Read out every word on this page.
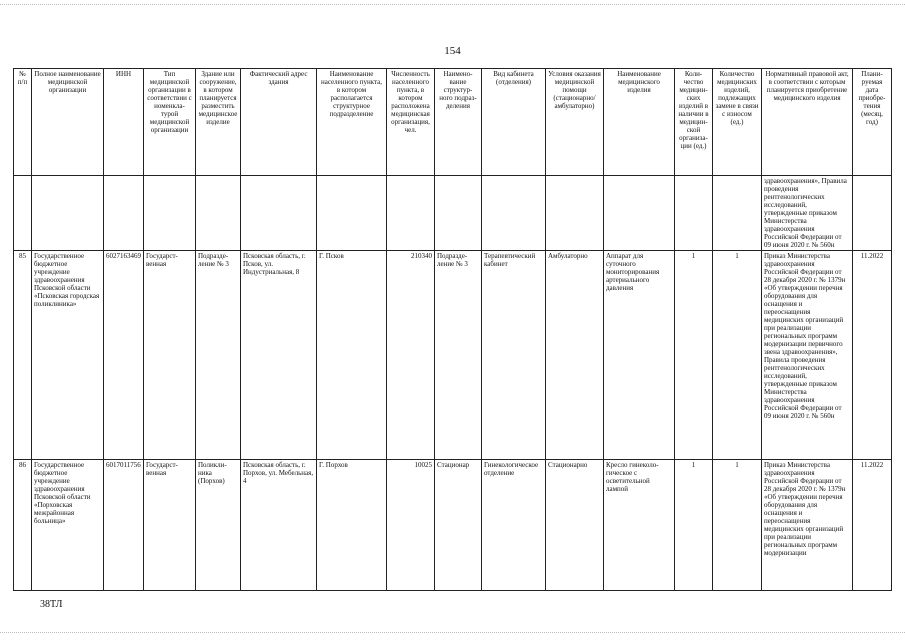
154
№ п/п	Полное наименование медицинской организации	ИНН	Тип медицинской организации в соответствии с номенкла-турой медицинской организации	Здание или сооружение, в котором планируется разместить медицинское изделие	Фактический адрес здания	Наименование населенного пункта, в котором располагается структурное подразделение	Численность населенного пункта, в котором расположена медицинская организация, чел.	Наимено-вание структур-ного подраз-деления	Вид кабинета (отделения)	Условия оказания медицинской помощи (стационарно/ амбулаторно)	Наименование медицинского изделия	Коли-чество медицин-ских изделий в наличии в медицин-ской организа-ции (ед.)	Количество медицинских изделий, подлежащих замене в связи с износом (ед.)	Нормативный правовой акт, в соответствии с которым планируется приобретение медицинского изделия	Плани-руемая дата приобре-тения (месяц, год)
														здравоохранения», Правила проведения рентгенологических исследований, утвержденные приказом Министерства здравоохранения Российской Федерации от 09 июня 2020 г. № 560н	
85	Государственное бюджетное учреждение здравоохранения Псковской области «Псковская городская поликлиника»	6027163469	Государст-венная	Подразде-ление № 3	Псковская область, г. Псков, ул. Индустриальная, 8	Г. Псков	210340	Подразде-ление № 3	Терапевтический кабинет	Амбулаторно	Аппарат для суточного мониторирования артериального давления	1	1	Приказ Министерства здравоохранения Российской Федерации от 28 декабря 2020 г. № 1379н «Об утверждении перечня оборудования для оснащения и переоснащения медицинских организаций при реализации региональных программ модернизации первичного звена здравоохранения», Правила проведения рентгенологических исследований, утвержденные приказом Министерства здравоохранения Российской Федерации от 09 июня 2020 г. № 560н	11.2022
86	Государственное бюджетное учреждение здравоохранения Псковской области «Порховская межрайонная больница»	6017011756	Государст-венная	Поликли-ника (Порхов)	Псковская область, г. Порхов, ул. Мебельная, 4	Г. Порхов	10025	Стационар	Гинекологическое отделение	Стационарно	Кресло гинеколо-гическое с осветительной лампой	1	1	Приказ Министерства здравоохранения Российской Федерации от 28 декабря 2020 г. № 1379н «Об утверждении перечня оборудования для оснащения и переоснащения медицинских организаций при реализации региональных программ модернизации	11.2022
38ТЛ
